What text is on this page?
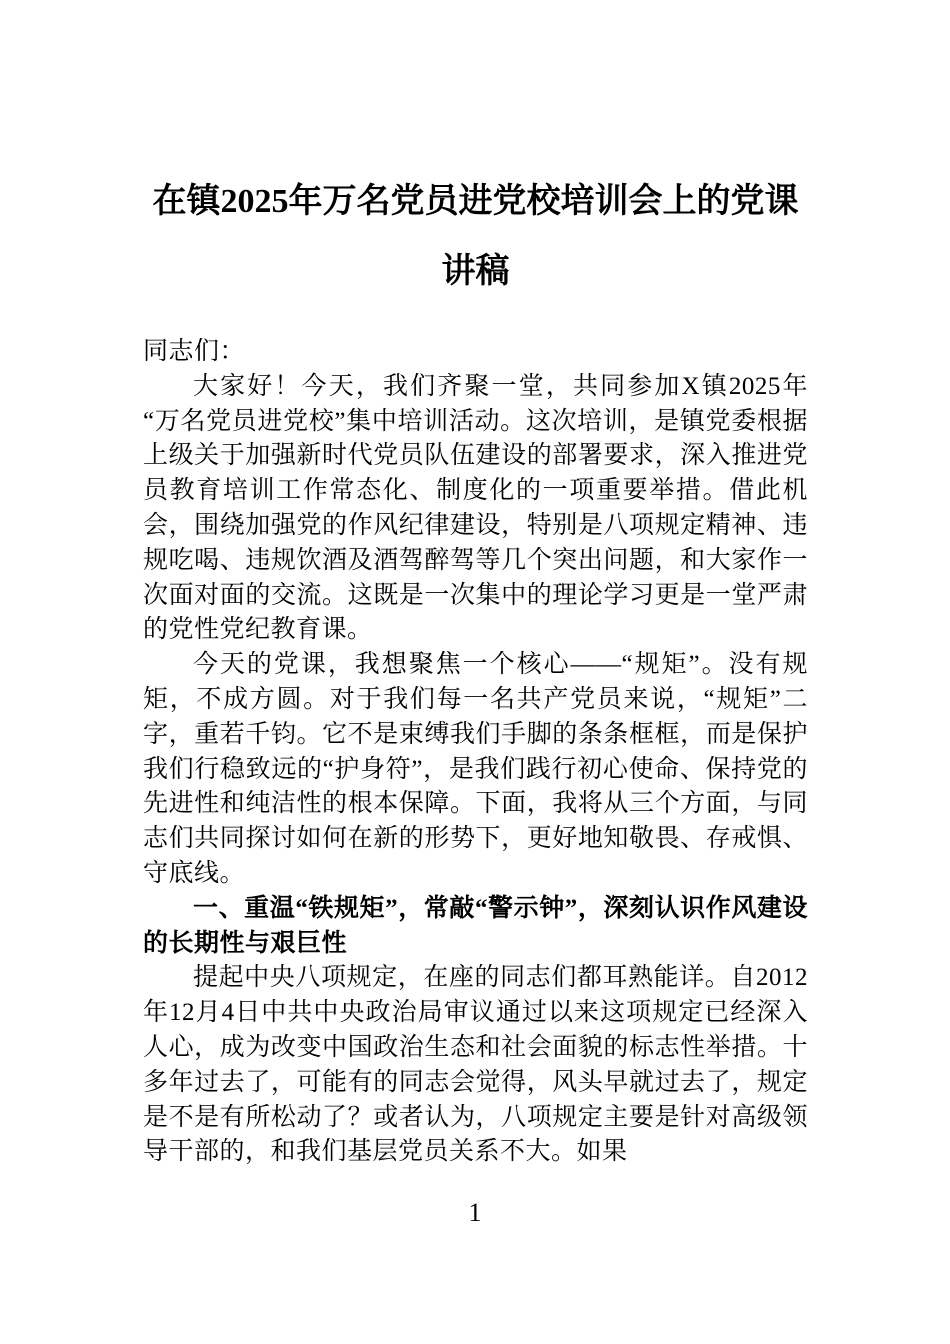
在镇2025年万名党员进党校培训会上的党课讲稿

同志们：

大家好！今天，我们齐聚一堂，共同参加X镇2025年“万名党员进党校”集中培训活动。这次培训，是镇党委根据上级关于加强新时代党员队伍建设的部署要求，深入推进党员教育培训工作常态化、制度化的一项重要举措。借此机会，围绕加强党的作风纪律建设，特别是八项规定精神、违规吃喝、违规饮酒及酒驾醉驾等几个突出问题，和大家作一次面对面的交流。这既是一次集中的理论学习更是一堂严肃的党性党纪教育课。

今天的党课，我想聚焦一个核心——“规矩”。没有规矩，不成方圆。对于我们每一名共产党员来说，“规矩”二字，重若千钧。它不是束缚我们手脚的条条框框，而是保护我们行稳致远的“护身符”，是我们践行初心使命、保持党的先进性和纯洁性的根本保障。下面，我将从三个方面，与同志们共同探讨如何在新的形势下，更好地知敬畏、存戒惧、守底线。

一、重温“铁规矩”，常敲“警示钟”，深刻认识作风建设的长期性与艰巨性

提起中央八项规定，在座的同志们都耳熟能详。自2012年12月4日中共中央政治局审议通过以来这项规定已经深入人心，成为改变中国政治生态和社会面貌的标志性举措。十多年过去了，可能有的同志会觉得，风头早就过去了，规定是不是有所松动了？或者认为，八项规定主要是针对高级领导干部的，和我们基层党员关系不大。如果

1
